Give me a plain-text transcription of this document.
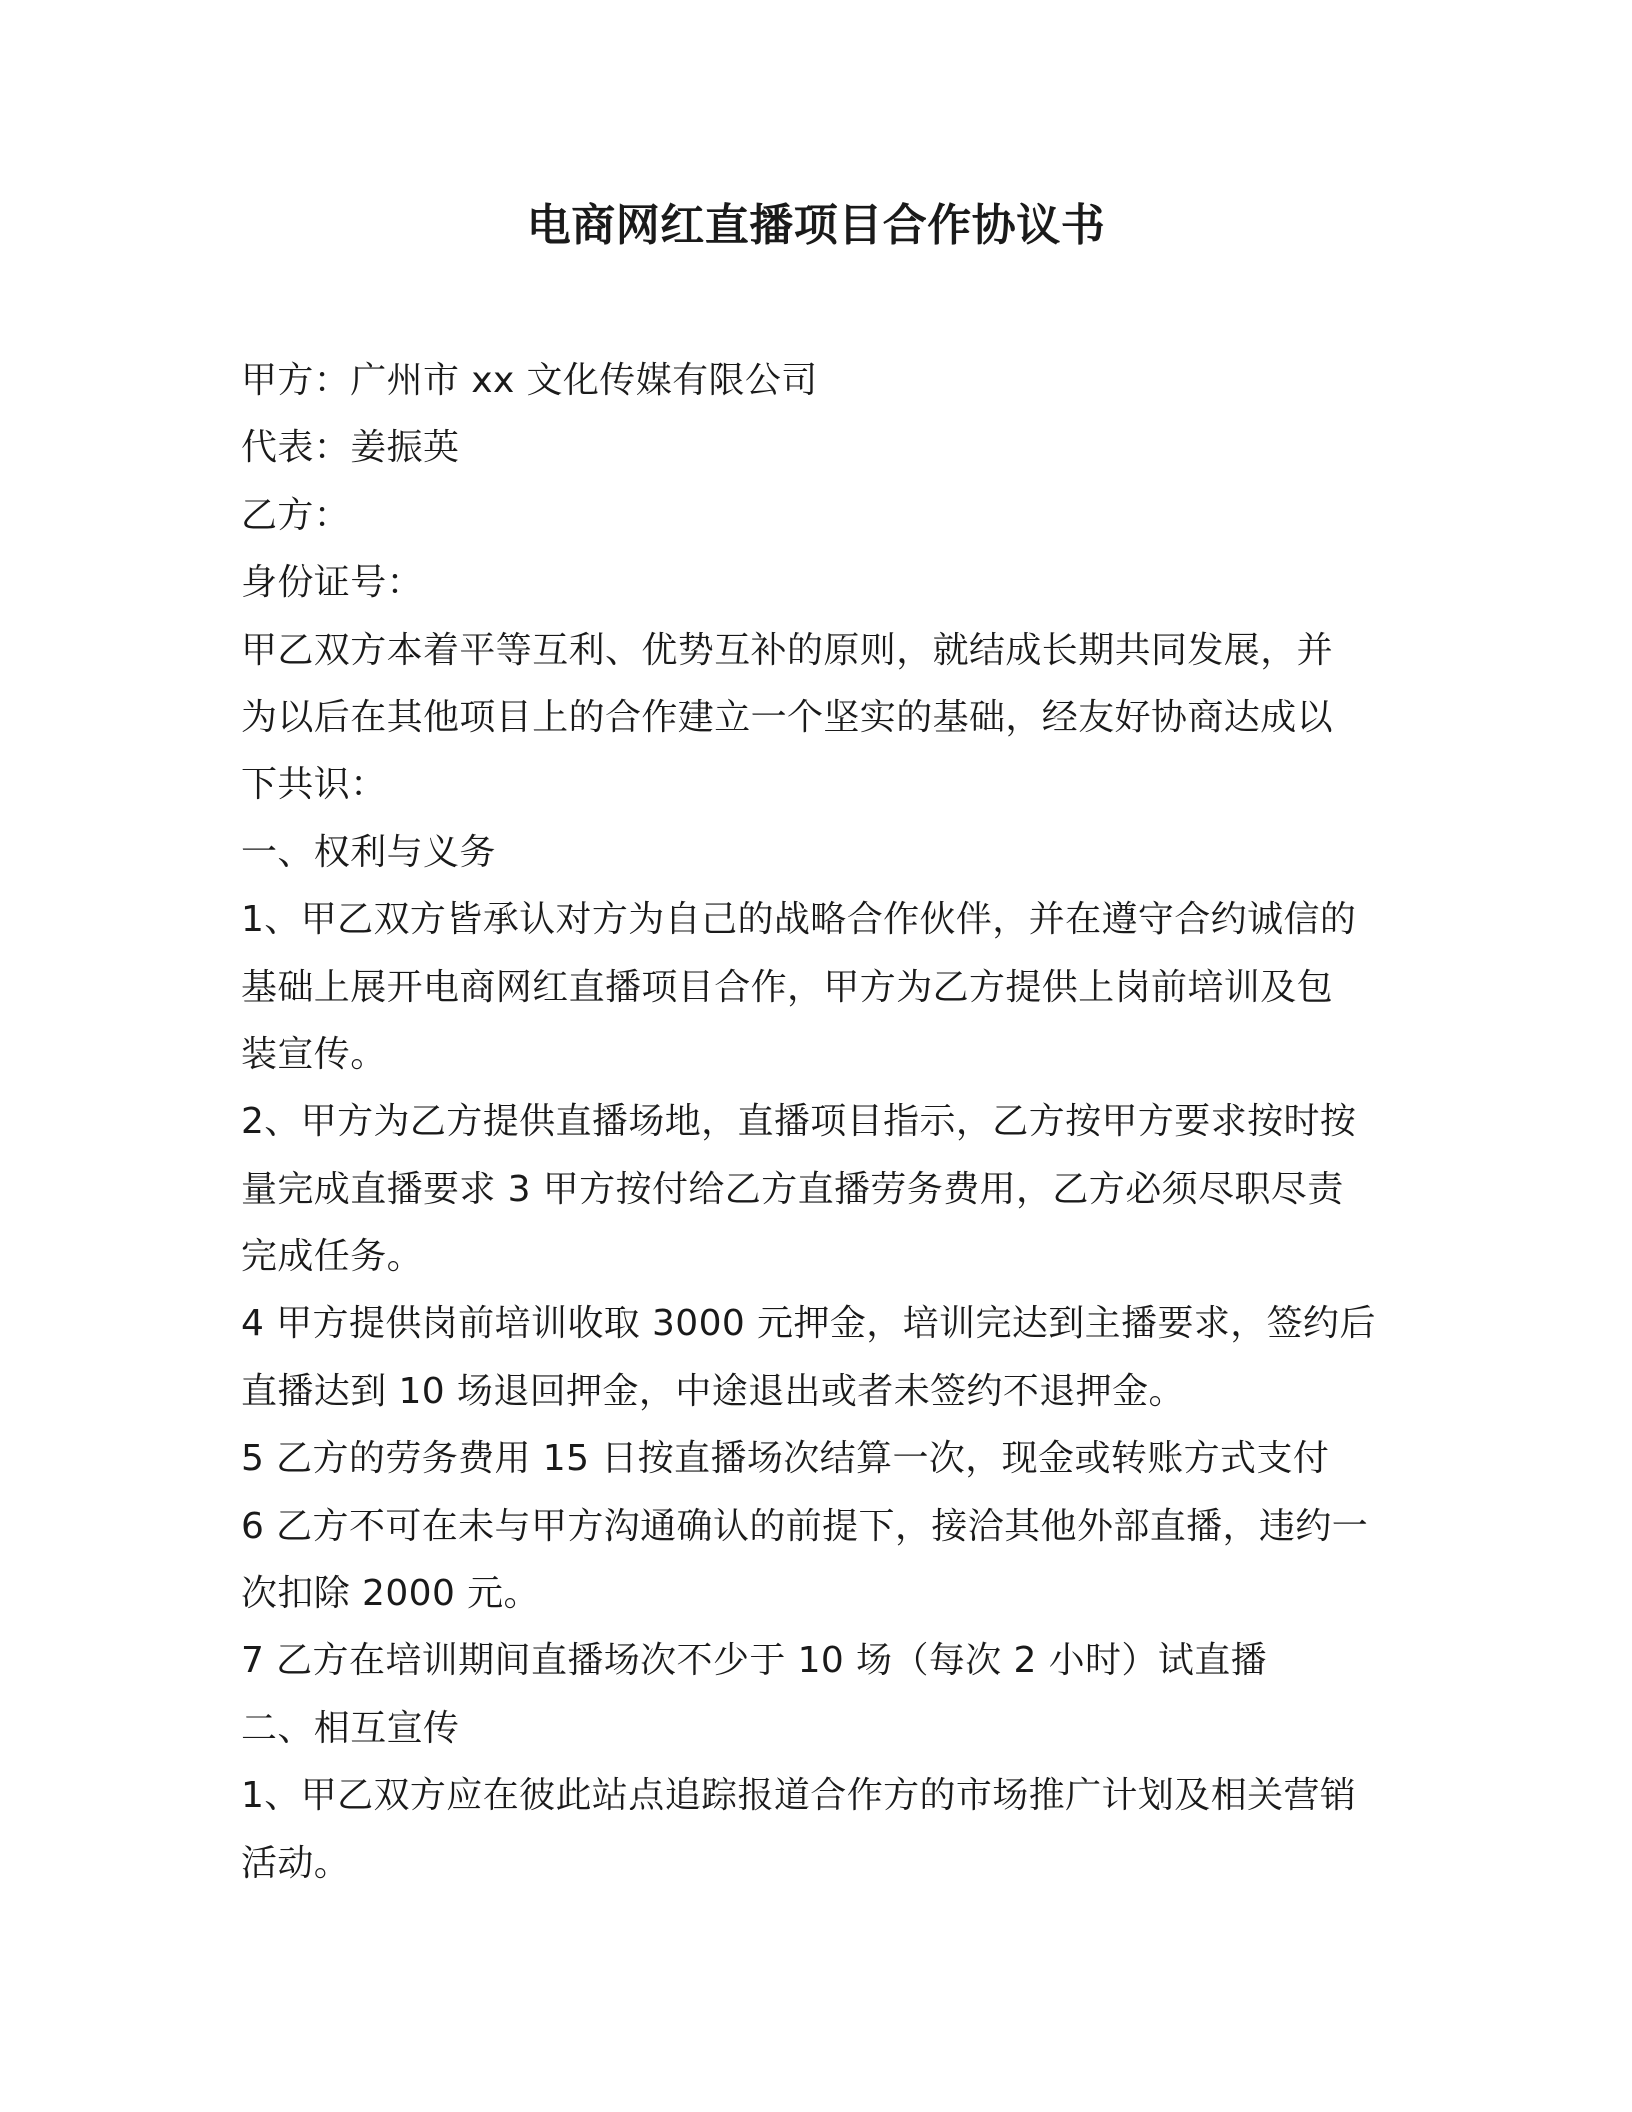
电商网红直播项目合作协议书
甲方：广州市 xx 文化传媒有限公司
代表：姜振英
乙方：
身份证号：
甲乙双方本着平等互利、优势互补的原则，就结成长期共同发展，并
为以后在其他项目上的合作建立一个坚实的基础，经友好协商达成以
下共识：
一、权利与义务
1、甲乙双方皆承认对方为自己的战略合作伙伴，并在遵守合约诚信的
基础上展开电商网红直播项目合作，甲方为乙方提供上岗前培训及包
装宣传。
2、甲方为乙方提供直播场地，直播项目指示，乙方按甲方要求按时按
量完成直播要求 3 甲方按付给乙方直播劳务费用，乙方必须尽职尽责
完成任务。
4 甲方提供岗前培训收取 3000 元押金，培训完达到主播要求，签约后
直播达到 10 场退回押金，中途退出或者未签约不退押金。
5 乙方的劳务费用 15 日按直播场次结算一次，现金或转账方式支付
6 乙方不可在未与甲方沟通确认的前提下，接洽其他外部直播，违约一
次扣除 2000 元。
7 乙方在培训期间直播场次不少于 10 场（每次 2 小时）试直播
二、相互宣传
1、甲乙双方应在彼此站点追踪报道合作方的市场推广计划及相关营销
活动。
